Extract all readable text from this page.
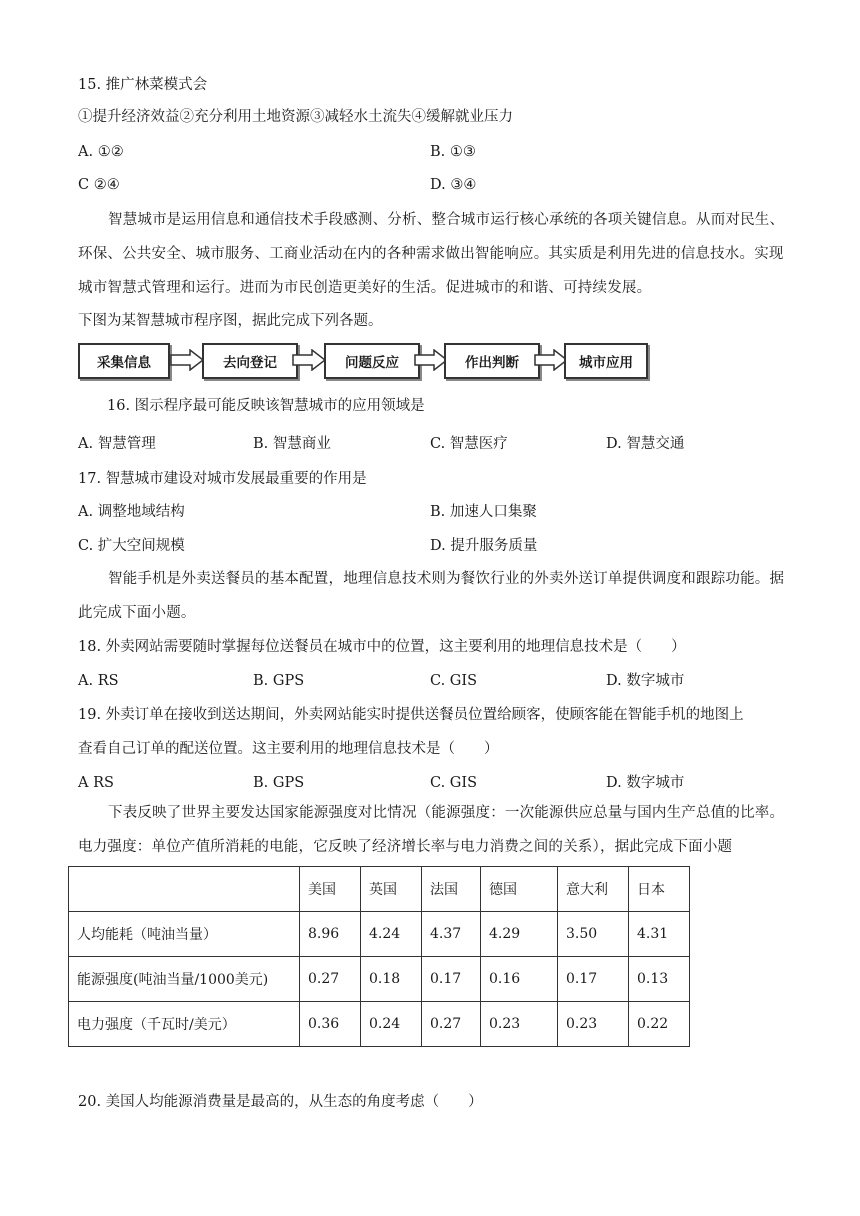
15. 推广林菜模式会
①提升经济效益②充分利用土地资源③减轻水土流失④缓解就业压力
A. ①②	B. ①③
C ②④	D. ③④
智慧城市是运用信息和通信技术手段感测、分析、整合城市运行核心承统的各项关键信息。从而对民生、环保、公共安全、城市服务、工商业活动在内的各种需求做出智能响应。其实质是利用先进的信息技水。实现城市智慧式管理和运行。进而为市民创造更美好的生活。促进城市的和谐、可持续发展。
下图为某智慧城市程序图，据此完成下列各题。
采集信息	去向登记	问题反应	作出判断	城市应用
16. 图示程序最可能反映该智慧城市的应用领域是
A. 智慧管理	B. 智慧商业	C. 智慧医疗	D. 智慧交通
17. 智慧城市建设对城市发展最重要的作用是
A. 调整地域结构	B. 加速人口集聚
C. 扩大空间规模	D. 提升服务质量
智能手机是外卖送餐员的基本配置，地理信息技术则为餐饮行业的外卖外送订单提供调度和跟踪功能。据此完成下面小题。
18. 外卖网站需要随时掌握每位送餐员在城市中的位置，这主要利用的地理信息技术是（　　）
A. RS	B. GPS	C. GIS	D. 数字城市
19. 外卖订单在接收到送达期间，外卖网站能实时提供送餐员位置给顾客，使顾客能在智能手机的地图上
查看自己订单的配送位置。这主要利用的地理信息技术是（　　）
A RS	B. GPS	C. GIS	D. 数字城市
下表反映了世界主要发达国家能源强度对比情况（能源强度：一次能源供应总量与国内生产总值的比率。电力强度：单位产值所消耗的电能，它反映了经济增长率与电力消费之间的关系），据此完成下面小题
	美国	英国	法国	德国	意大利	日本
人均能耗（吨油当量）	8.96	4.24	4.37	4.29	3.50	4.31
能源强度(吨油当量/1000美元)	0.27	0.18	0.17	0.16	0.17	0.13
电力强度（千瓦时/美元）	0.36	0.24	0.27	0.23	0.23	0.22
20. 美国人均能源消费量是最高的，从生态的角度考虑（　　）
